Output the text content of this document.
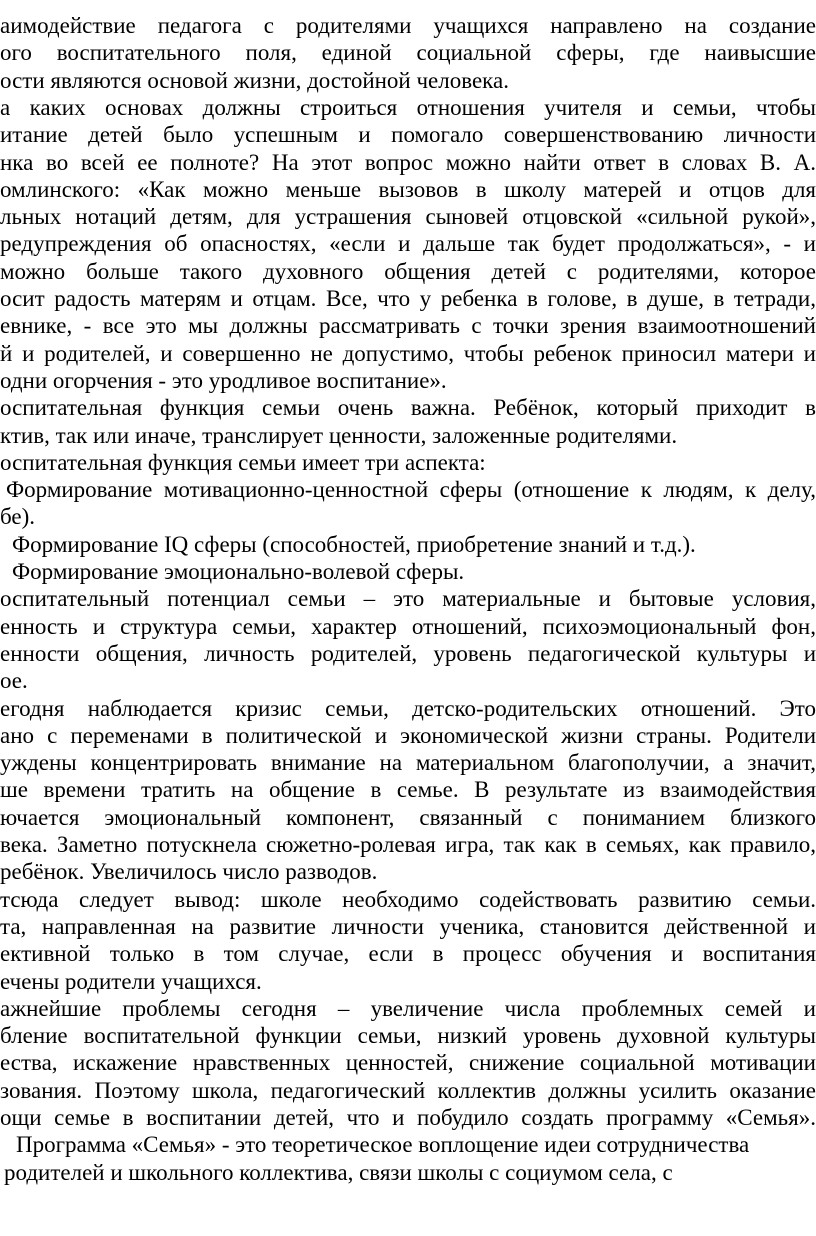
аимодействие педагога с родителями учащихся направлено на создание
ого воспитательного поля, единой социальной сферы, где наивысшие
ости являются основой жизни, достойной человека.
а каких основах должны строиться отношения учителя и семьи, чтобы
итание детей было успешным и помогало совершенствованию личности
нка во всей ее полноте? На этот вопрос можно найти ответ в словах В. А.
омлинского: «Как можно меньше вызовов в школу матерей и отцов для
льных нотаций детям, для устрашения сыновей отцовской «сильной рукой»,
редупреждения об опасностях, «если и дальше так будет продолжаться», - и
можно больше такого духовного общения детей с родителями, которое
осит радость матерям и отцам. Все, что у ребенка в голове, в душе, в тетради,
евнике, - все это мы должны рассматривать с точки зрения взаимоотношений
й и родителей, и совершенно не допустимо, чтобы ребенок приносил матери и
одни огорчения - это уродливое воспитание».
оспитательная функция семьи очень важна. Ребёнок, который приходит в
ктив, так или иначе, транслирует ценности, заложенные родителями.
оспитательная функция семьи имеет три аспекта:
Формирование мотивационно-ценностной сферы (отношение к людям, к делу,
бе).
Формирование IQ сферы (способностей, приобретение знаний и т.д.).
Формирование эмоционально-волевой сферы.
оспитательный потенциал семьи – это материальные и бытовые условия,
енность и структура семьи, характер отношений, психоэмоциональный фон,
енности общения, личность родителей, уровень педагогической культуры и
ое.
егодня наблюдается кризис семьи, детско-родительских отношений. Это
ано с переменами в политической и экономической жизни страны. Родители
уждены концентрировать внимание на материальном благополучии, а значит,
ше времени тратить на общение в семье. В результате из взаимодействия
ючается эмоциональный компонент, связанный с пониманием близкого
века. Заметно потускнела сюжетно-ролевая игра, так как в семьях, как правило,
ребёнок. Увеличилось число разводов.
тсюда следует вывод: школе необходимо содействовать развитию семьи.
та, направленная на развитие личности ученика, становится действенной и
ективной только в том случае, если в процесс обучения и воспитания
ечены родители учащихся.
ажнейшие проблемы сегодня – увеличение числа проблемных семей и
бление воспитательной функции семьи, низкий уровень духовной культуры
ества, искажение нравственных ценностей, снижение социальной мотивации
зования. Поэтому школа, педагогический коллектив должны усилить оказание
ощи семье в воспитании детей, что и побудило создать программу «Семья».
Программа «Семья» - это теоретическое воплощение идеи сотрудничества
родителей и школьного коллектива, связи школы с социумом села, с
